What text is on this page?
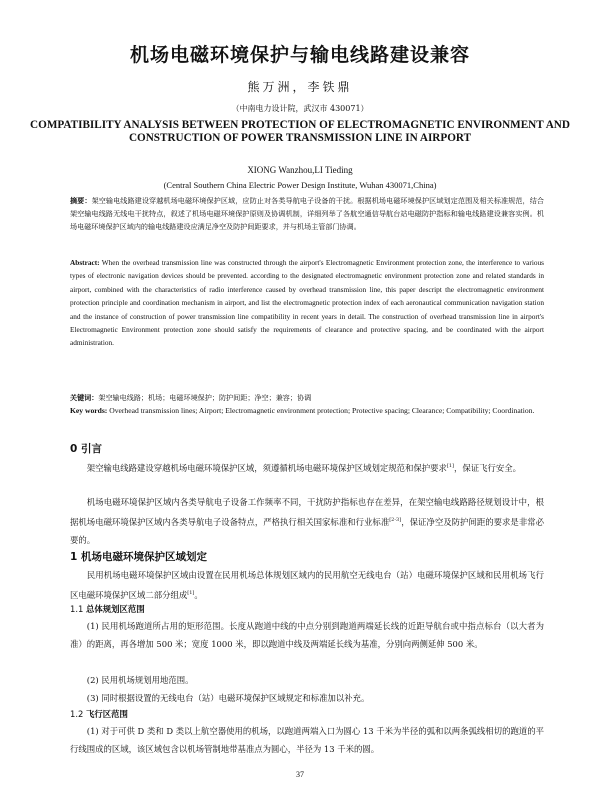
机场电磁环境保护与输电线路建设兼容
熊万洲，李铁鼎
（中南电力设计院，武汉市 430071）
COMPATIBILITY ANALYSIS BETWEEN PROTECTION OF ELECTROMAGNETIC ENVIRONMENT AND CONSTRUCTION OF POWER TRANSMISSION LINE IN AIRPORT
XIONG Wanzhou,LI Tieding
(Central Southern China Electric Power Design Institute, Wuhan 430071,China)
摘要：架空输电线路建设穿越机场电磁环境保护区域，应防止对各类导航电子设备的干扰。根据机场电磁环境保护区域划定范围及相关标准规范，结合架空输电线路无线电干扰特点，叙述了机场电磁环境保护原则及协调机制，详细列举了各航空通信导航台站电磁防护指标和输电线路建设兼容实例。机场电磁环境保护区域内的输电线路建设应满足净空及防护间距要求，并与机场主管部门协调。
Abstract: When the overhead transmission line was constructed through the airport's Electromagnetic Environment protection zone, the interference to various types of electronic navigation devices should be prevented. according to the designated electromagnetic environment protection zone and related standards in airport, combined with the characteristics of radio interference caused by overhead transmission line, this paper descript the electromagnetic environment protection principle and coordination mechanism in airport, and list the electromagnetic protection index of each aeronautical communication navigation station and the instance of construction of power transmission line compatibility in recent years in detail. The construction of overhead transmission line in airport's Electromagnetic Environment protection zone should satisfy the requirements of clearance and protective spacing, and be coordinated with the airport administration.
关键词：架空输电线路；机场；电磁环境保护；防护间距；净空；兼容；协调
Key words: Overhead transmission lines; Airport; Electromagnetic environment protection; Protective spacing; Clearance; Compatibility; Coordination.
0 引言
架空输电线路建设穿越机场电磁环境保护区域，须遵循机场电磁环境保护区域划定规范和保护要求[1]，保证飞行安全。
机场电磁环境保护区域内各类导航电子设备工作频率不同，干扰防护指标也存在差异，在架空输电线路路径规划设计中，根据机场电磁环境保护区域内各类导航电子设备特点，严格执行相关国家标准和行业标准[2-3]，保证净空及防护间距的要求是非常必要的。
1 机场电磁环境保护区域划定
民用机场电磁环境保护区域由设置在民用机场总体规划区域内的民用航空无线电台（站）电磁环境保护区域和民用机场飞行区电磁环境保护区域二部分组成[1]。
1.1 总体规划区范围
(1) 民用机场跑道所占用的矩形范围。长度从跑道中线的中点分别到跑道两端延长线的近距导航台或中指点标台（以大者为准）的距离，再各增加 500 米；宽度 1000 米，即以跑道中线及两端延长线为基准，分别向两侧延伸 500 米。
(2) 民用机场规划用地范围。
(3) 同时根据设置的无线电台（站）电磁环境保护区域规定和标准加以补充。
1.2 飞行区范围
(1) 对于可供 D 类和 D 类以上航空器使用的机场，以跑道两端入口为圆心 13 千米为半径的弧和以两条弧线相切的跑道的平行线围成的区域，该区域包含以机场管制地带基准点为圆心，半径为 13 千米的圆。
37
